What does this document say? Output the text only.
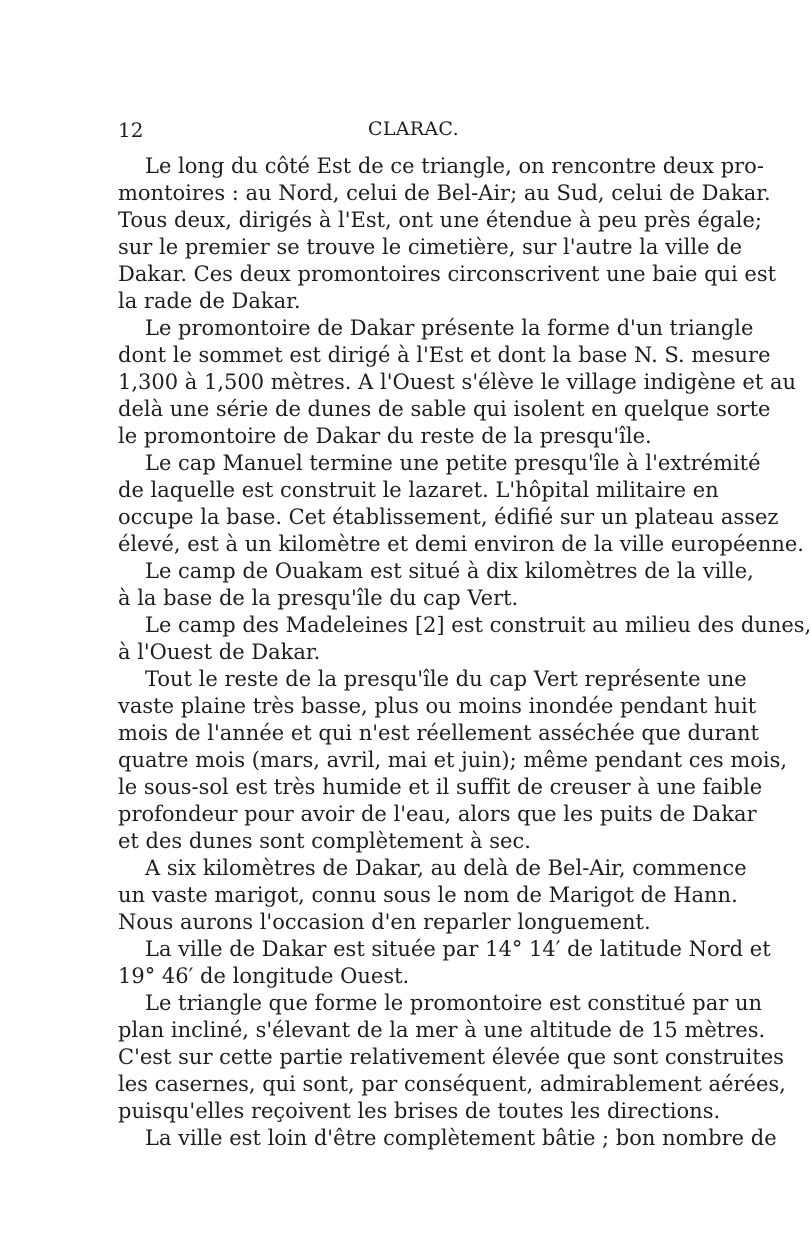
12	CLARAC.
Le long du côté Est de ce triangle, on rencontre deux pro-
montoires : au Nord, celui de Bel-Air; au Sud, celui de Dakar.
Tous deux, dirigés à l'Est, ont une étendue à peu près égale;
sur le premier se trouve le cimetière, sur l'autre la ville de
Dakar. Ces deux promontoires circonscrivent une baie qui est
la rade de Dakar.
Le promontoire de Dakar présente la forme d'un triangle
dont le sommet est dirigé à l'Est et dont la base N. S. mesure
1,300 à 1,500 mètres. A l'Ouest s'élève le village indigène et au
delà une série de dunes de sable qui isolent en quelque sorte
le promontoire de Dakar du reste de la presqu'île.
Le cap Manuel termine une petite presqu'île à l'extrémité
de laquelle est construit le lazaret. L'hôpital militaire en
occupe la base. Cet établissement, édifié sur un plateau assez
élevé, est à un kilomètre et demi environ de la ville européenne.
Le camp de Ouakam est situé à dix kilomètres de la ville,
à la base de la presqu'île du cap Vert.
Le camp des Madeleines [2] est construit au milieu des dunes,
à l'Ouest de Dakar.
Tout le reste de la presqu'île du cap Vert représente une
vaste plaine très basse, plus ou moins inondée pendant huit
mois de l'année et qui n'est réellement asséchée que durant
quatre mois (mars, avril, mai et juin); même pendant ces mois,
le sous-sol est très humide et il suffit de creuser à une faible
profondeur pour avoir de l'eau, alors que les puits de Dakar
et des dunes sont complètement à sec.
A six kilomètres de Dakar, au delà de Bel-Air, commence
un vaste marigot, connu sous le nom de Marigot de Hann.
Nous aurons l'occasion d'en reparler longuement.
La ville de Dakar est située par 14° 14′ de latitude Nord et
19° 46′ de longitude Ouest.
Le triangle que forme le promontoire est constitué par un
plan incliné, s'élevant de la mer à une altitude de 15 mètres.
C'est sur cette partie relativement élevée que sont construites
les casernes, qui sont, par conséquent, admirablement aérées,
puisqu'elles reçoivent les brises de toutes les directions.
La ville est loin d'être complètement bâtie ; bon nombre de
